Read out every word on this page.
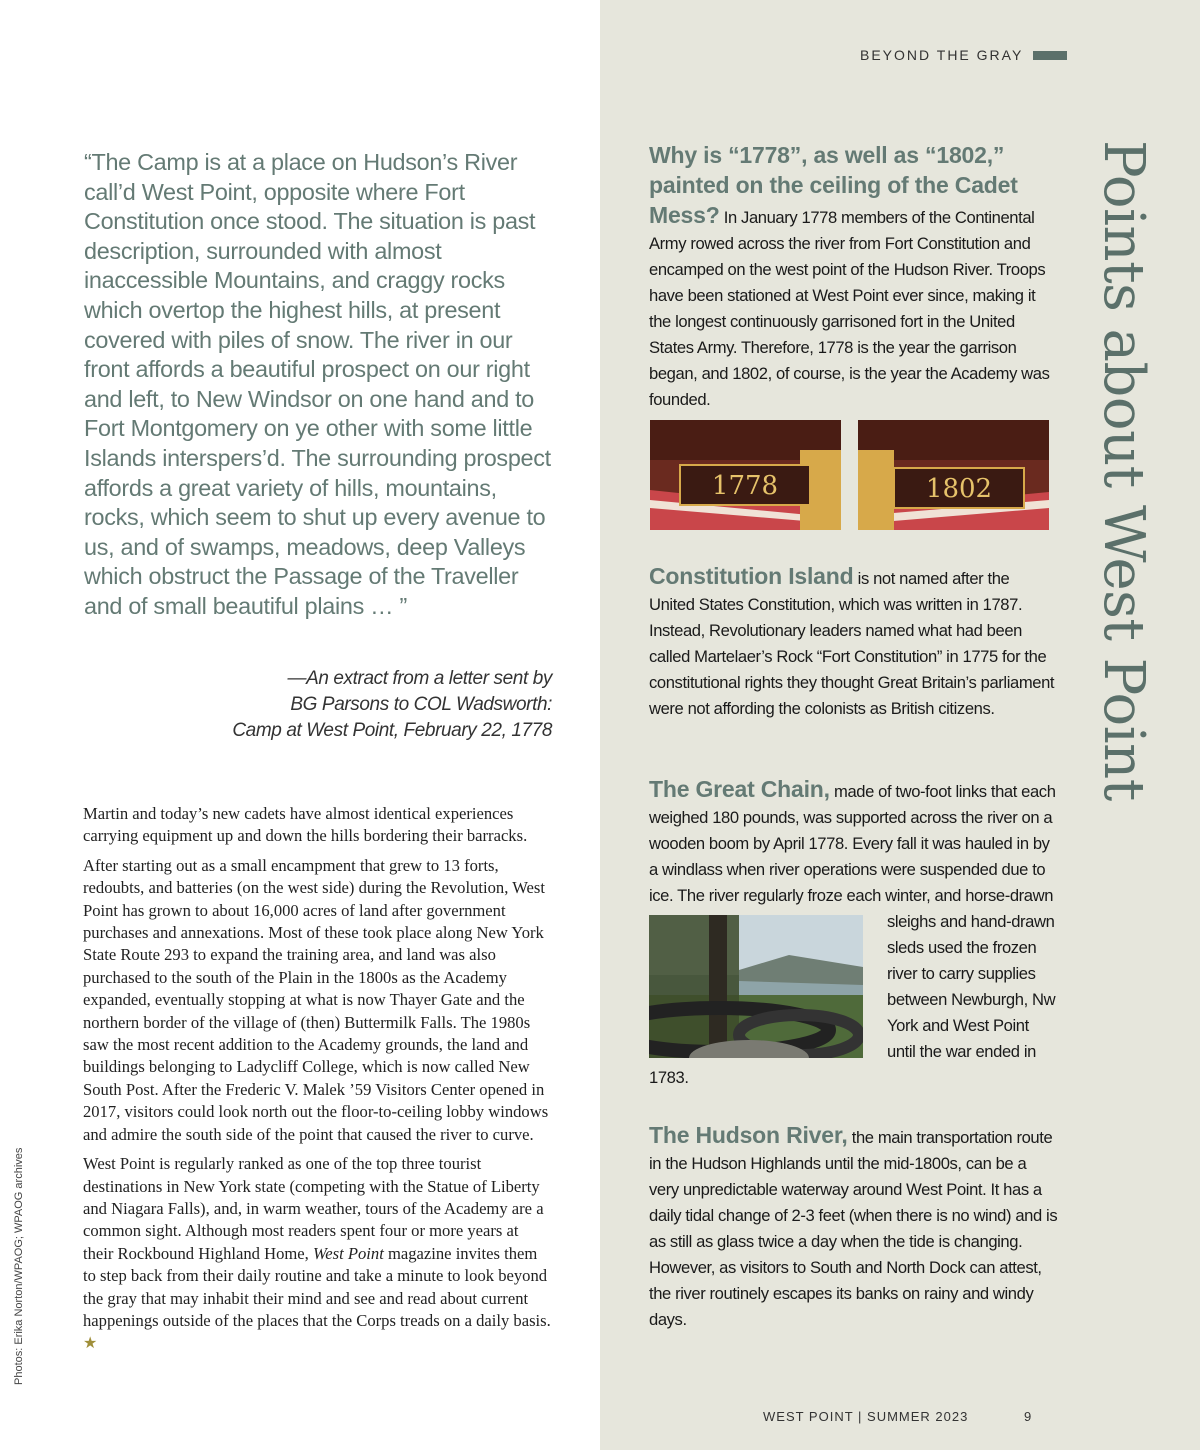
BEYOND THE GRAY

“The Camp is at a place on Hudson’s River call’d West Point, opposite where Fort Constitution once stood. The situation is past description, surrounded with almost inaccessible Mountains, and craggy rocks which overtop the highest hills, at present covered with piles of snow. The river in our front affords a beautiful prospect on our right and left, to New Windsor on one hand and to Fort Montgomery on ye other with some little Islands interspers’d. The surrounding prospect affords a great variety of hills, mountains, rocks, which seem to shut up every avenue to us, and of swamps, meadows, deep Valleys which obstruct the Passage of the Traveller and of small beautiful plains … ”

—An extract from a letter sent by
BG Parsons to COL Wadsworth:
Camp at West Point, February 22, 1778

Martin and today’s new cadets have almost identical experiences carrying equipment up and down the hills bordering their barracks.

After starting out as a small encampment that grew to 13 forts, redoubts, and batteries (on the west side) during the Revolution, West Point has grown to about 16,000 acres of land after government purchases and annexations. Most of these took place along New York State Route 293 to expand the training area, and land was also purchased to the south of the Plain in the 1800s as the Academy expanded, eventually stopping at what is now Thayer Gate and the northern border of the village of (then) Buttermilk Falls. The 1980s saw the most recent addition to the Academy grounds, the land and buildings belonging to Ladycliff College, which is now called New South Post. After the Frederic V. Malek ’59 Visitors Center opened in 2017, visitors could look north out the floor-to-ceiling lobby windows and admire the south side of the point that caused the river to curve.

West Point is regularly ranked as one of the top three tourist destinations in New York state (competing with the Statue of Liberty and Niagara Falls), and, in warm weather, tours of the Academy are a common sight. Although most readers spent four or more years at their Rockbound Highland Home, West Point magazine invites them to step back from their daily routine and take a minute to look beyond the gray that may inhabit their mind and see and read about current happenings outside of the places that the Corps treads on a daily basis. ★

Photos: Erika Norton/WPAOG; WPAOG archives
Points about West Point
Why is “1778”, as well as “1802,” painted on the ceiling of the Cadet Mess? In January 1778 members of the Continental Army rowed across the river from Fort Constitution and encamped on the west point of the Hudson River. Troops have been stationed at West Point ever since, making it the longest continuously garrisoned fort in the United States Army. Therefore, 1778 is the year the garrison began, and 1802, of course, is the year the Academy was founded.
1778	1802
Constitution Island is not named after the United States Constitution, which was written in 1787. Instead, Revolutionary leaders named what had been called Martelaer’s Rock “Fort Constitution” in 1775 for the constitutional rights they thought Great Britain’s parliament were not affording the colonists as British citizens.
The Great Chain, made of two-foot links that each weighed 180 pounds, was supported across the river on a wooden boom by April 1778. Every fall it was hauled in by a windlass when river operations were suspended due to ice. The river regularly froze each winter, and horse-drawn sleighs and hand-drawn
sleds used the frozen river to carry supplies between Newburgh, Nw York and West Point until the war ended in 1783.
The Hudson River, the main transportation route in the Hudson Highlands until the mid-1800s, can be a very unpredictable waterway around West Point. It has a daily tidal change of 2-3 feet (when there is no wind) and is as still as glass twice a day when the tide is changing. However, as visitors to South and North Dock can attest, the river routinely escapes its banks on rainy and windy days.
WEST POINT | SUMMER 2023	9
